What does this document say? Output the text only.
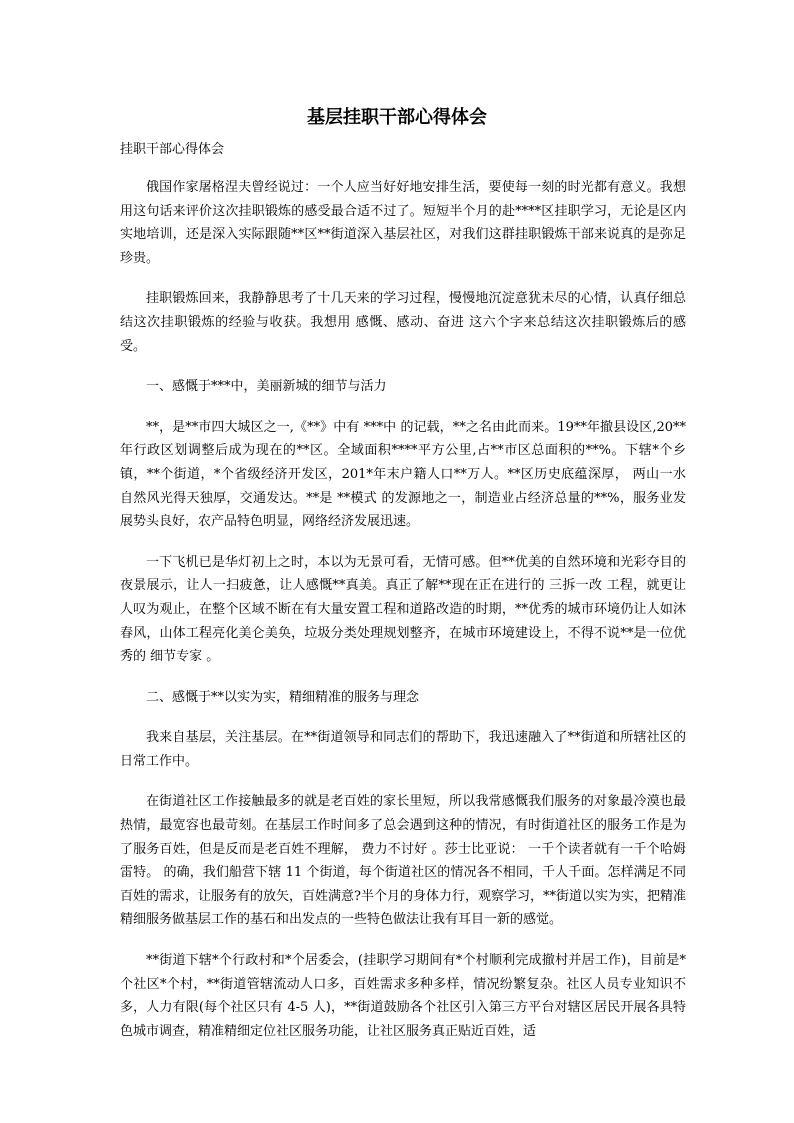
基层挂职干部心得体会

挂职干部心得体会

俄国作家屠格涅夫曾经说过：一个人应当好好地安排生活，要使每一刻的时光都有意义。我想用这句话来评价这次挂职锻炼的感受最合适不过了。短短半个月的赴****区挂职学习，无论是区内实地培训，还是深入实际跟随**区**街道深入基层社区，对我们这群挂职锻炼干部来说真的是弥足珍贵。

挂职锻炼回来，我静静思考了十几天来的学习过程，慢慢地沉淀意犹未尽的心情，认真仔细总结这次挂职锻炼的经验与收获。我想用 感慨、感动、奋进 这六个字来总结这次挂职锻炼后的感受。

一、感慨于***中，美丽新城的细节与活力

**，是**市四大城区之一,《**》中有 ***中 的记载，**之名由此而来。19**年撤县设区,20**年行政区划调整后成为现在的**区。全域面积****平方公里,占**市区总面积的**%。下辖*个乡镇，**个街道，*个省级经济开发区，201*年末户籍人口**万人。**区历史底蕴深厚， 两山一水 自然风光得天独厚，交通发达。**是 **模式 的发源地之一，制造业占经济总量的**%，服务业发展势头良好，农产品特色明显，网络经济发展迅速。

一下飞机已是华灯初上之时，本以为无景可看，无情可感。但**优美的自然环境和光彩夺目的夜景展示，让人一扫疲惫，让人感慨**真美。真正了解**现在正在进行的 三拆一改 工程，就更让人叹为观止，在整个区域不断在有大量安置工程和道路改造的时期，**优秀的城市环境仍让人如沐春风，山体工程亮化美仑美奂，垃圾分类处理规划整齐，在城市环境建设上，不得不说**是一位优秀的 细节专家 。

二、感慨于**以实为实，精细精准的服务与理念

我来自基层，关注基层。在**街道领导和同志们的帮助下，我迅速融入了**街道和所辖社区的日常工作中。

在街道社区工作接触最多的就是老百姓的家长里短，所以我常感慨我们服务的对象最冷漠也最热情，最宽容也最苛刻。在基层工作时间多了总会遇到这种的情况，有时街道社区的服务工作是为了服务百姓，但是反而是老百姓不理解， 费力不讨好 。莎士比亚说： 一千个读者就有一千个哈姆雷特。 的确，我们船营下辖 11 个街道，每个街道社区的情况各不相同，千人千面。怎样满足不同百姓的需求，让服务有的放矢，百姓满意?半个月的身体力行，观察学习，**街道以实为实，把精准精细服务做基层工作的基石和出发点的一些特色做法让我有耳目一新的感觉。

**街道下辖*个行政村和*个居委会，(挂职学习期间有*个村顺利完成撤村并居工作)，目前是*个社区*个村，**街道管辖流动人口多，百姓需求多种多样，情况纷繁复杂。社区人员专业知识不多，人力有限(每个社区只有 4-5 人)，**街道鼓励各个社区引入第三方平台对辖区居民开展各具特色城市调查，精准精细定位社区服务功能，让社区服务真正贴近百姓，适
